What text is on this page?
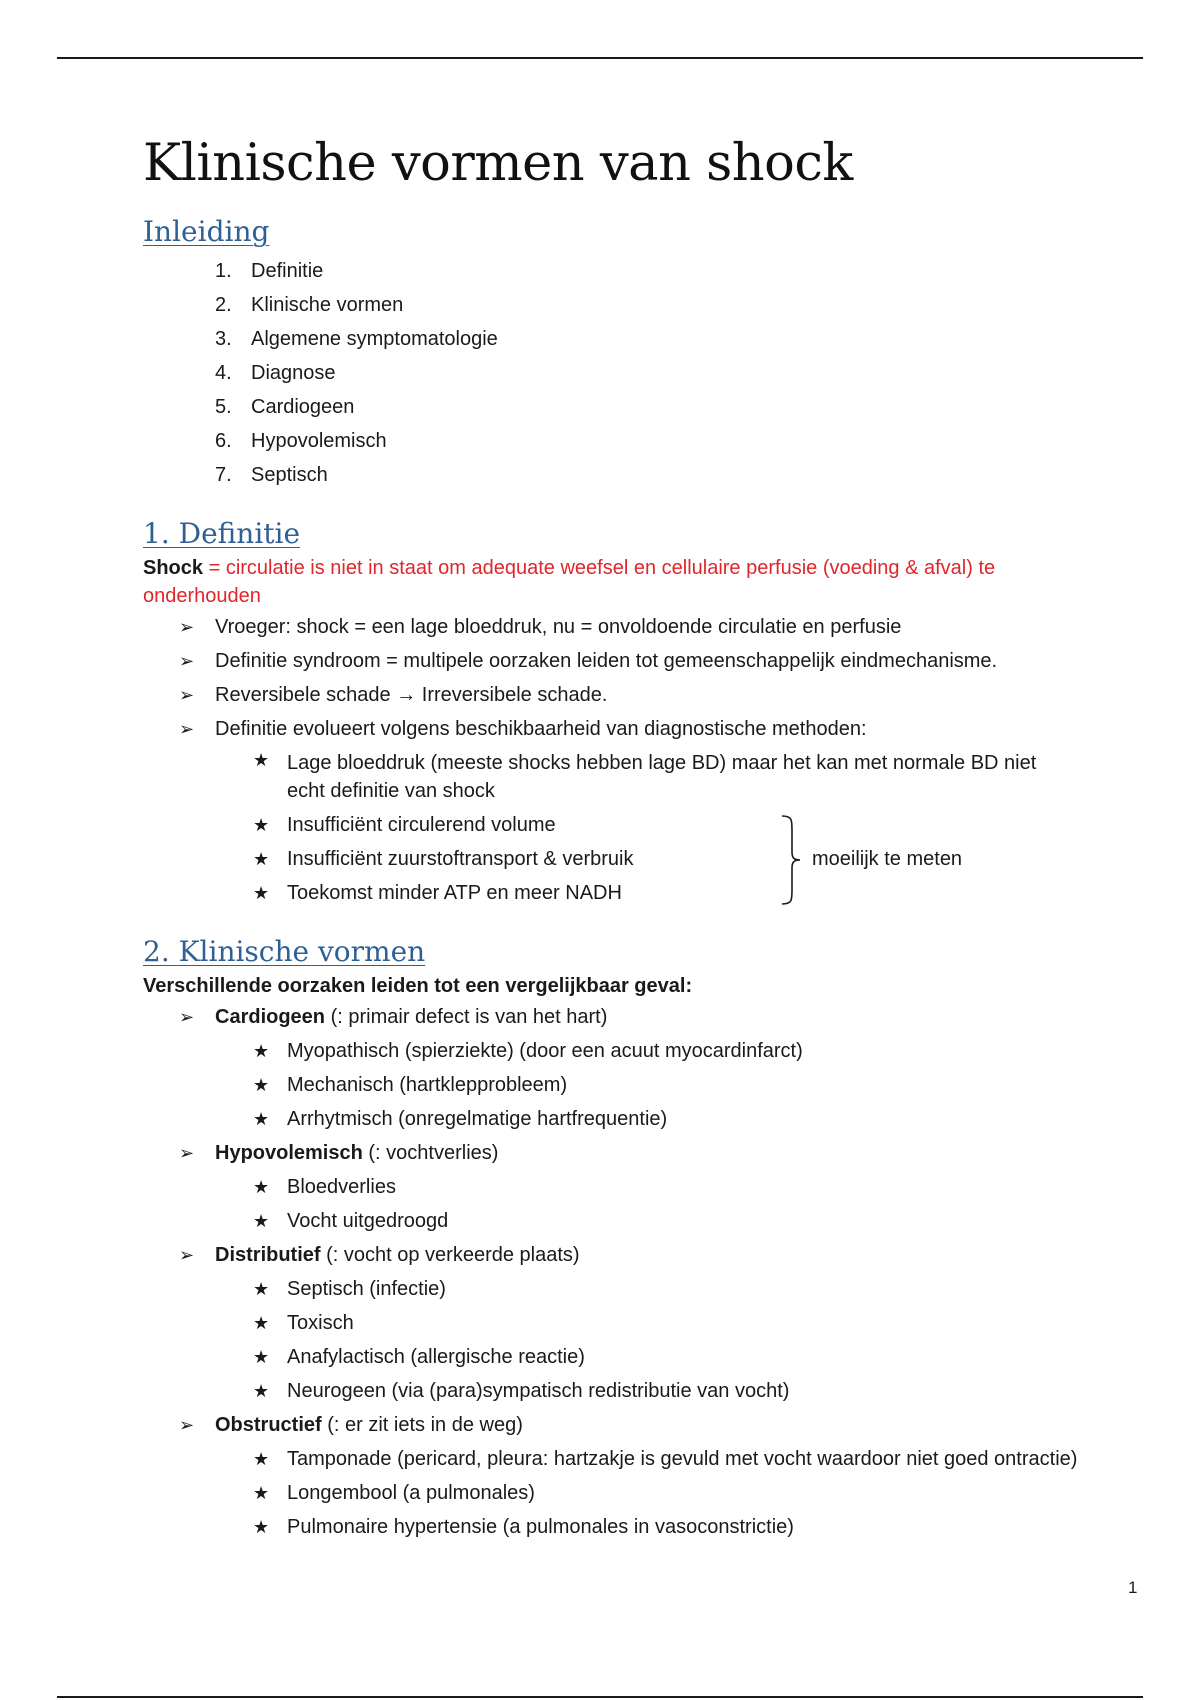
Klinische vormen van shock
Inleiding
1. Definitie
2. Klinische vormen
3. Algemene symptomatologie
4. Diagnose
5. Cardiogeen
6. Hypovolemisch
7. Septisch
1. Definitie

Shock = circulatie is niet in staat om adequate weefsel en cellulaire perfusie (voeding & afval) te

onderhouden

➢ Vroeger: shock = een lage bloeddruk, nu = onvoldoende circulatie en perfusie
➢ Definitie syndroom = multipele oorzaken leiden tot gemeenschappelijk eindmechanisme.
➢ Reversibele schade → Irreversibele schade.
➢ Definitie evolueert volgens beschikbaarheid van diagnostische methoden:
★ Lage bloeddruk (meeste shocks hebben lage BD) maar het kan met normale BD niet
echt definitie van shock
★ Insufficiënt circulerend volume
★ Insufficiënt zuurstoftransport & verbruik
★ Toekomst minder ATP en meer NADH
moeilijk te meten
2. Klinische vormen

Verschillende oorzaken leiden tot een vergelijkbaar geval:

➢ Cardiogeen (: primair defect is van het hart)
★ Myopathisch (spierziekte) (door een acuut myocardinfarct)
★ Mechanisch (hartklepprobleem)
★ Arrhytmisch (onregelmatige hartfrequentie)
➢ Hypovolemisch (: vochtverlies)
★ Bloedverlies
★ Vocht uitgedroogd
➢ Distributief (: vocht op verkeerde plaats)
★ Septisch (infectie)
★ Toxisch
★ Anafylactisch (allergische reactie)
★ Neurogeen (via (para)sympatisch redistributie van vocht)
➢ Obstructief (: er zit iets in de weg)
★ Tamponade (pericard, pleura: hartzakje is gevuld met vocht waardoor niet goed ontractie)
★ Longembool (a pulmonales)
★ Pulmonaire hypertensie (a pulmonales in vasoconstrictie)
1
